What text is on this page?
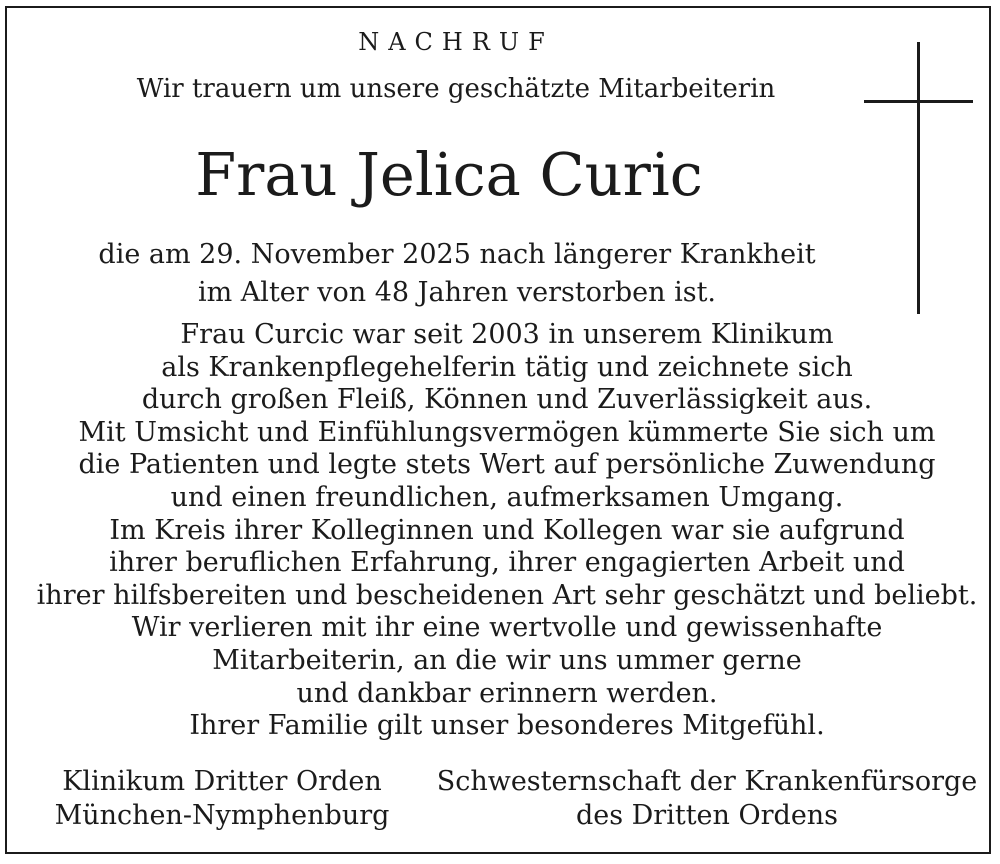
NACHRUF
Wir trauern um unsere geschätzte Mitarbeiterin
Frau Jelica Curic
die am 29. November 2025 nach längerer Krankheit
im Alter von 48 Jahren verstorben ist.
Frau Curcic war seit 2003 in unserem Klinikum
als Krankenpflegehelferin tätig und zeichnete sich
durch großen Fleiß, Können und Zuverlässigkeit aus.
Mit Umsicht und Einfühlungsvermögen kümmerte Sie sich um
die Patienten und legte stets Wert auf persönliche Zuwendung
und einen freundlichen, aufmerksamen Umgang.
Im Kreis ihrer Kolleginnen und Kollegen war sie aufgrund
ihrer beruflichen Erfahrung, ihrer engagierten Arbeit und
ihrer hilfsbereiten und bescheidenen Art sehr geschätzt und beliebt.
Wir verlieren mit ihr eine wertvolle und gewissenhafte
Mitarbeiterin, an die wir uns ummer gerne
und dankbar erinnern werden.
Ihrer Familie gilt unser besonderes Mitgefühl.
Klinikum Dritter Orden
München-Nymphenburg
Schwesternschaft der Krankenfürsorge
des Dritten Ordens
